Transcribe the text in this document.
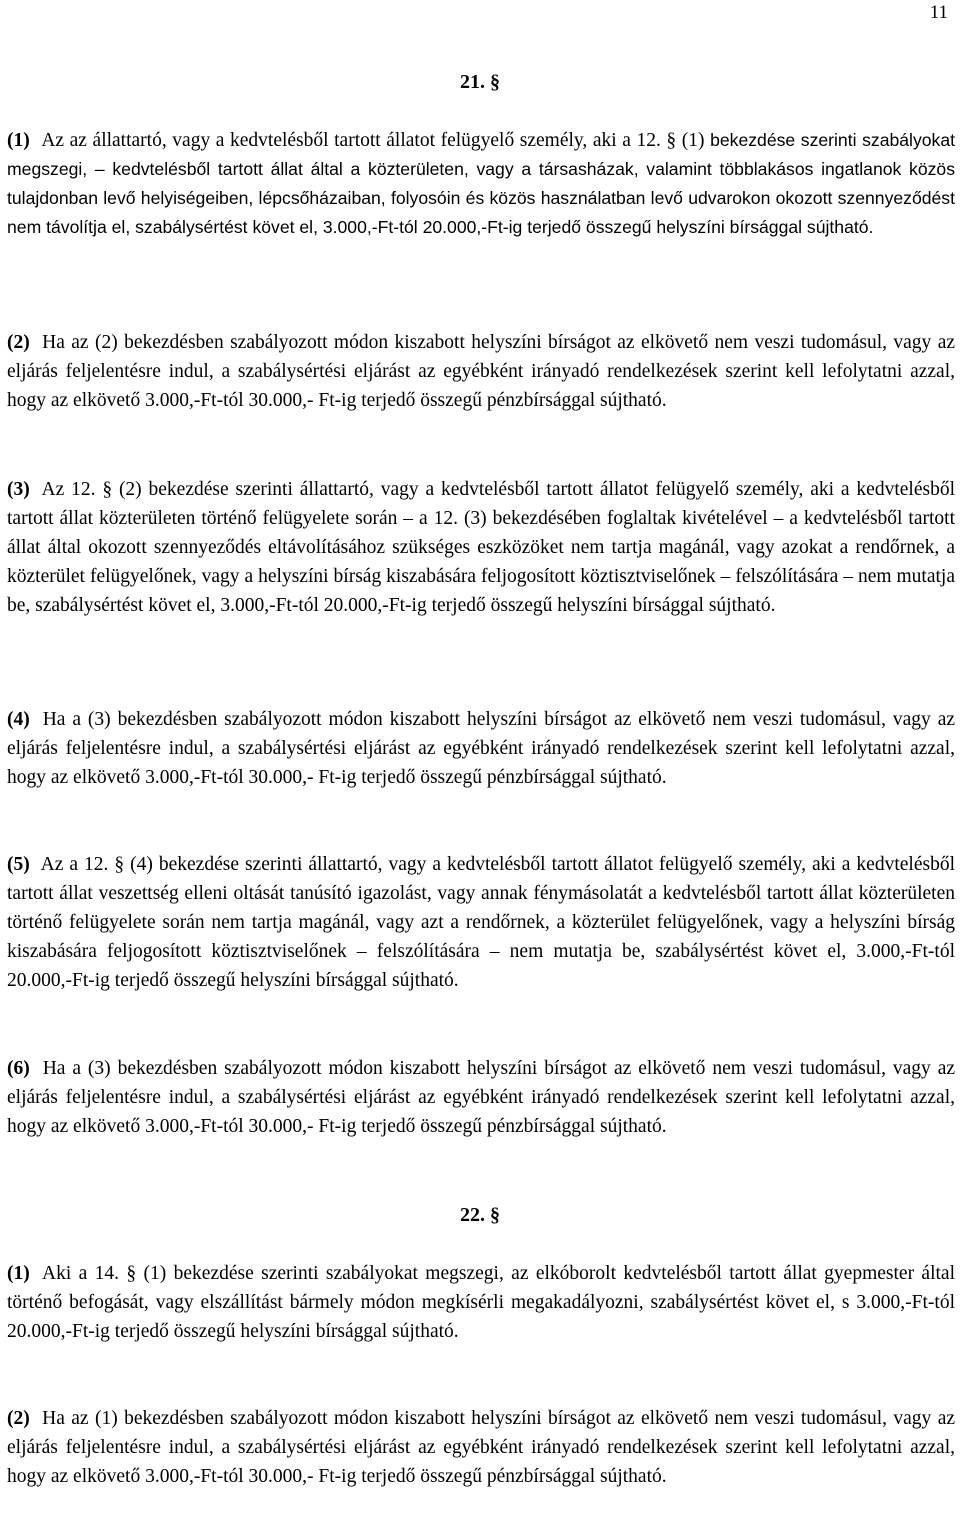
11
21. §
(1) Az az állattartó, vagy a kedvtelésből tartott állatot felügyelő személy, aki a 12. § (1) bekezdése szerinti szabályokat megszegi, – kedvtelésből tartott állat által a közterületen, vagy a társasházak, valamint többlakásos ingatlanok közös tulajdonban levő helyiségeiben, lépcsőházaiban, folyosóin és közös használatban levő udvarokon okozott szennyeződést nem távolítja el, szabálysértést követ el, 3.000,-Ft-tól 20.000,-Ft-ig terjedő összegű helyszíni bírsággal sújtható.
(2) Ha az (2) bekezdésben szabályozott módon kiszabott helyszíni bírságot az elkövető nem veszi tudomásul, vagy az eljárás feljelentésre indul, a szabálysértési eljárást az egyébként irányadó rendelkezések szerint kell lefolytatni azzal, hogy az elkövető 3.000,-Ft-tól 30.000,- Ft-ig terjedő összegű pénzbírsággal sújtható.
(3) Az 12. § (2) bekezdése szerinti állattartó, vagy a kedvtelésből tartott állatot felügyelő személy, aki a kedvtelésből tartott állat közterületen történő felügyelete során – a 12. (3) bekezdésében foglaltak kivételével – a kedvtelésből tartott állat által okozott szennyeződés eltávolításához szükséges eszközöket nem tartja magánál, vagy azokat a rendőrnek, a közterület felügyelőnek, vagy a helyszíni bírság kiszabására feljogosított köztisztviselőnek – felszólítására – nem mutatja be, szabálysértést követ el, 3.000,-Ft-tól 20.000,-Ft-ig terjedő összegű helyszíni bírsággal sújtható.
(4) Ha a (3) bekezdésben szabályozott módon kiszabott helyszíni bírságot az elkövető nem veszi tudomásul, vagy az eljárás feljelentésre indul, a szabálysértési eljárást az egyébként irányadó rendelkezések szerint kell lefolytatni azzal, hogy az elkövető 3.000,-Ft-tól 30.000,- Ft-ig terjedő összegű pénzbírsággal sújtható.
(5) Az a 12. § (4) bekezdése szerinti állattartó, vagy a kedvtelésből tartott állatot felügyelő személy, aki a kedvtelésből tartott állat veszettség elleni oltását tanúsító igazolást, vagy annak fénymásolatát a kedvtelésből tartott állat közterületen történő felügyelete során nem tartja magánál, vagy azt a rendőrnek, a közterület felügyelőnek, vagy a helyszíni bírság kiszabására feljogosított köztisztviselőnek – felszólítására – nem mutatja be, szabálysértést követ el, 3.000,-Ft-tól 20.000,-Ft-ig terjedő összegű helyszíni bírsággal sújtható.
(6) Ha a (3) bekezdésben szabályozott módon kiszabott helyszíni bírságot az elkövető nem veszi tudomásul, vagy az eljárás feljelentésre indul, a szabálysértési eljárást az egyébként irányadó rendelkezések szerint kell lefolytatni azzal, hogy az elkövető 3.000,-Ft-tól 30.000,- Ft-ig terjedő összegű pénzbírsággal sújtható.
22. §
(1) Aki a 14. § (1) bekezdése szerinti szabályokat megszegi, az elkóborolt kedvtelésből tartott állat gyepmester által történő befogását, vagy elszállítást bármely módon megkísérli megakadályozni, szabálysértést követ el, s 3.000,-Ft-tól 20.000,-Ft-ig terjedő összegű helyszíni bírsággal sújtható.
(2) Ha az (1) bekezdésben szabályozott módon kiszabott helyszíni bírságot az elkövető nem veszi tudomásul, vagy az eljárás feljelentésre indul, a szabálysértési eljárást az egyébként irányadó rendelkezések szerint kell lefolytatni azzal, hogy az elkövető 3.000,-Ft-tól 30.000,- Ft-ig terjedő összegű pénzbírsággal sújtható.
